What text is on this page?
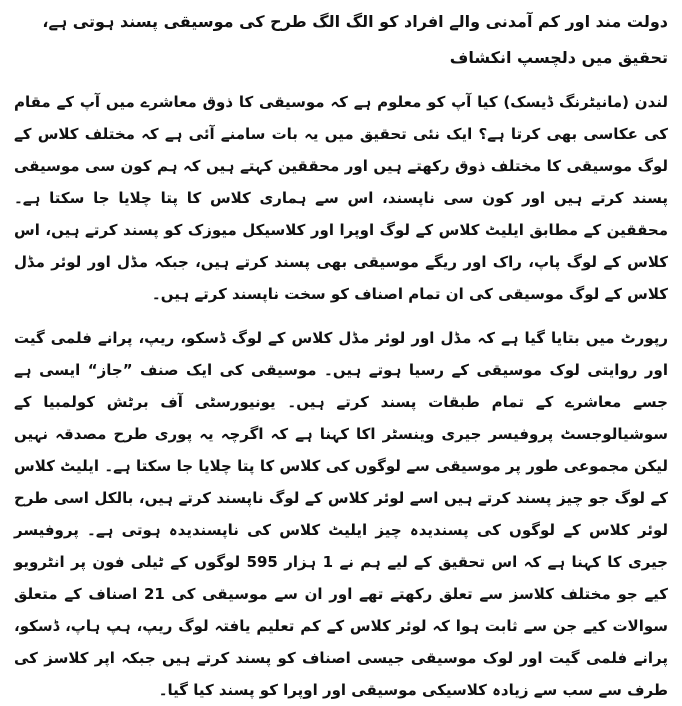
دولت مند اور کم آمدنی والے افراد کو الگ الگ طرح کی موسیقی پسند ہوتی ہے، تحقیق میں دلچسپ انکشاف

لندن (مانیٹرنگ ڈیسک) کیا آپ کو معلوم ہے کہ موسیقی کا ذوق معاشرے میں آپ کے مقام کی عکاسی بھی کرتا ہے؟ ایک نئی تحقیق میں یہ بات سامنے آئی ہے کہ مختلف کلاس کے لوگ موسیقی کا مختلف ذوق رکھتے ہیں اور محققین کہتے ہیں کہ ہم کون سی موسیقی پسند کرتے ہیں اور کون سی ناپسند، اس سے ہماری کلاس کا پتا چلایا جا سکتا ہے۔ محققین کے مطابق ایلیٹ کلاس کے لوگ اوپرا اور کلاسیکل میوزک کو پسند کرتے ہیں، اس کلاس کے لوگ پاپ، راک اور ریگے موسیقی بھی پسند کرتے ہیں، جبکہ مڈل اور لوئر مڈل کلاس کے لوگ موسیقی کی ان تمام اصناف کو سخت ناپسند کرتے ہیں۔

رپورٹ میں بتایا گیا ہے کہ مڈل اور لوئر مڈل کلاس کے لوگ ڈسکو، ریپ، پرانے فلمی گیت اور روایتی لوک موسیقی کے رسیا ہوتے ہیں۔ موسیقی کی ایک صنف ”جاز“ ایسی ہے جسے معاشرے کے تمام طبقات پسند کرتے ہیں۔ یونیورسٹی آف برٹش کولمبیا کے سوشیالوجسٹ پروفیسر جیری وینسٹر اکا کہنا ہے کہ اگرچہ یہ پوری طرح مصدقہ نہیں لیکن مجموعی طور پر موسیقی سے لوگوں کی کلاس کا پتا چلایا جا سکتا ہے۔ ایلیٹ کلاس کے لوگ جو چیز پسند کرتے ہیں اسے لوئر کلاس کے لوگ ناپسند کرتے ہیں، بالکل اسی طرح لوئر کلاس کے لوگوں کی پسندیدہ چیز ایلیٹ کلاس کی ناپسندیدہ ہوتی ہے۔ پروفیسر جیری کا کہنا ہے کہ اس تحقیق کے لیے ہم نے 1 ہزار 595 لوگوں کے ٹیلی فون پر انٹرویو کیے جو مختلف کلاسز سے تعلق رکھتے تھے اور ان سے موسیقی کی 21 اصناف کے متعلق سوالات کیے جن سے ثابت ہوا کہ لوئر کلاس کے کم تعلیم یافتہ لوگ ریپ، ہپ ہاپ، ڈسکو، پرانے فلمی گیت اور لوک موسیقی جیسی اصناف کو پسند کرتے ہیں جبکہ اپر کلاسز کی طرف سے سب سے زیادہ کلاسیکی موسیقی اور اوپرا کو پسند کیا گیا۔
